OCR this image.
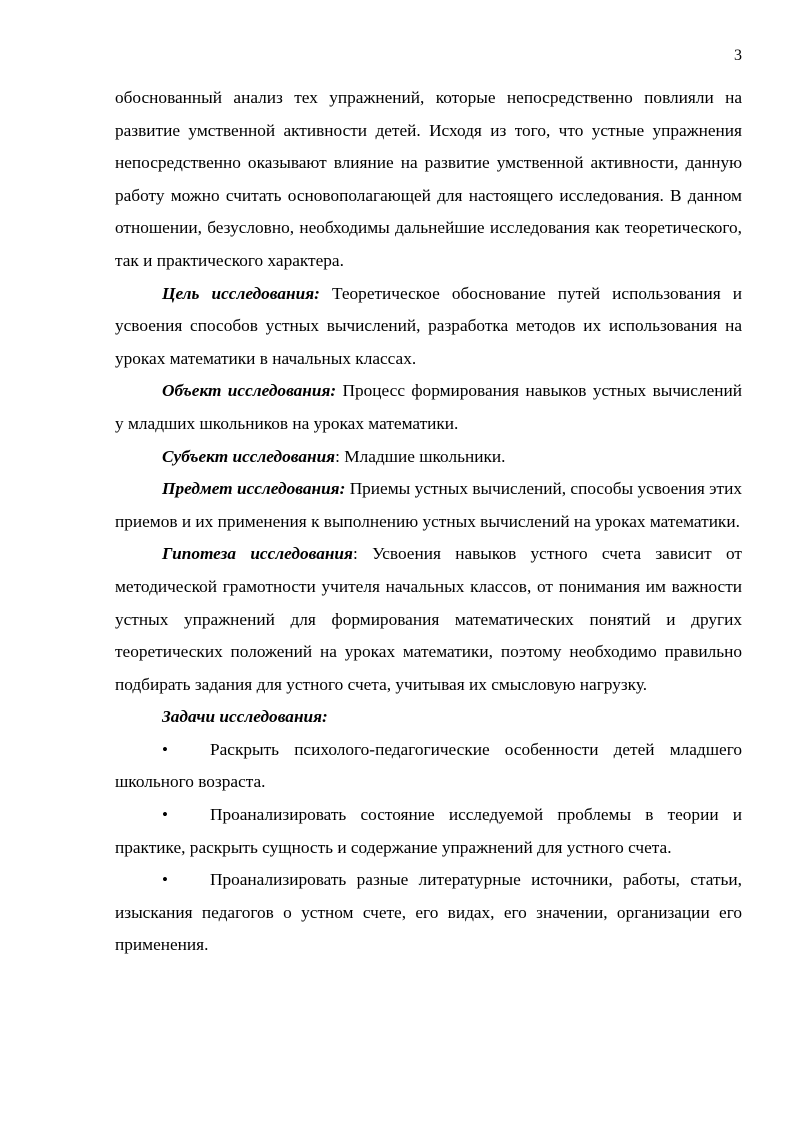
3

обоснованный анализ тех упражнений, которые непосредственно повлияли на развитие умственной активности детей. Исходя из того, что устные упражнения непосредственно оказывают влияние на развитие умственной активности, данную работу можно считать основополагающей для настоящего исследования. В данном отношении, безусловно, необходимы дальнейшие исследования как теоретического, так и практического характера.

Цель исследования: Теоретическое обоснование путей использования и усвоения способов устных вычислений, разработка методов их использования на уроках математики в начальных классах.

Объект исследования: Процесс формирования навыков устных вычислений у младших школьников на уроках математики.

Субъект исследования: Младшие школьники.

Предмет исследования: Приемы устных вычислений, способы усвоения этих приемов и их применения к выполнению устных вычислений на уроках математики.

Гипотеза исследования: Усвоения навыков устного счета зависит от методической грамотности учителя начальных классов, от понимания им важности устных упражнений для формирования математических понятий и других теоретических положений на уроках математики, поэтому необходимо правильно подбирать задания для устного счета, учитывая их смысловую нагрузку.

Задачи исследования:

• Раскрыть психолого-педагогические особенности детей младшего школьного возраста.

• Проанализировать состояние исследуемой проблемы в теории и практике, раскрыть сущность и содержание упражнений для устного счета.

• Проанализировать разные литературные источники, работы, статьи, изыскания педагогов о устном счете, его видах, его значении, организации его применения.
